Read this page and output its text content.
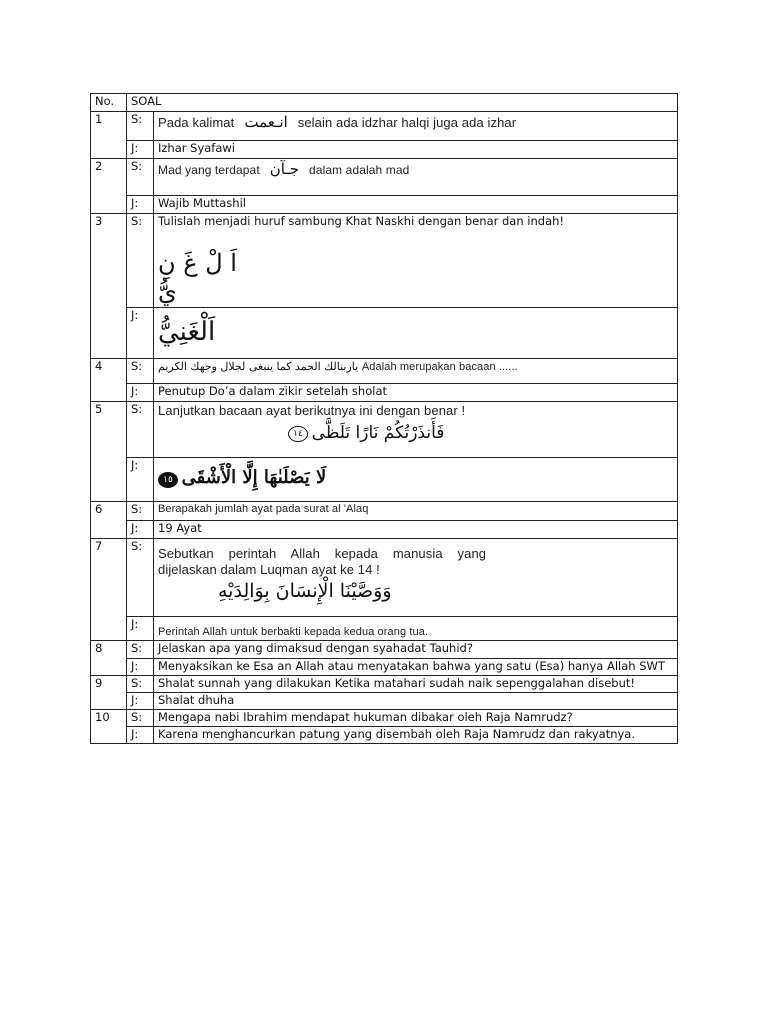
No.	SOAL	
1	S:	Pada kalimat انـعمت selain ada idzhar halqi juga ada izhar
	J:	Izhar Syafawi
2	S:	Mad yang terdapat جـآن dalam adalah mad
	J:	Wajib Muttashil
3	S:	Tulislah menjadi huruf sambung Khat Naskhi dengan benar dan indah!
اَ لْ غَ نِ يُّ

	J:	اَلْغَنِيُّ

4	S:	ياربنالك الحمد كما ينبغى لجلال وجهك الكريم Adalah merupakan bacaan ......
	J:	Penutup Do’a dalam zikir setelah sholat
5	S:	Lanjutkan bacaan ayat berikutnya ini dengan benar !
١٤ فَأَنذَرْتُكُمْ نَارًا تَلَظَّى

	J:	١٥ لَا يَصْلَىٰهَا إِلَّا الْأَشْقَى

6	S:	Berapakah jumlah ayat pada surat al 'Alaq
	J:	19 Ayat
7	S:	Sebutkan    perintah    Allah    kepada    manusia    yang
dijelaskan dalam Luqman ayat ke 14 !
وَوَصَّيْنَا الْإِنسَانَ بِوَالِدَيْهِ

	J:	Perintah Allah untuk berbakti kepada kedua orang tua.
8	S:	Jelaskan apa yang dimaksud dengan syahadat Tauhid?
	J:	Menyaksikan ke Esa an Allah atau menyatakan bahwa yang satu (Esa) hanya Allah SWT
9	S:	Shalat sunnah yang dilakukan Ketika matahari sudah naik sepenggalahan disebut!
	J:	Shalat dhuha
10	S:	Mengapa nabi Ibrahim mendapat hukuman dibakar oleh Raja Namrudz?
	J:	Karena menghancurkan patung yang disembah oleh Raja Namrudz dan rakyatnya.
